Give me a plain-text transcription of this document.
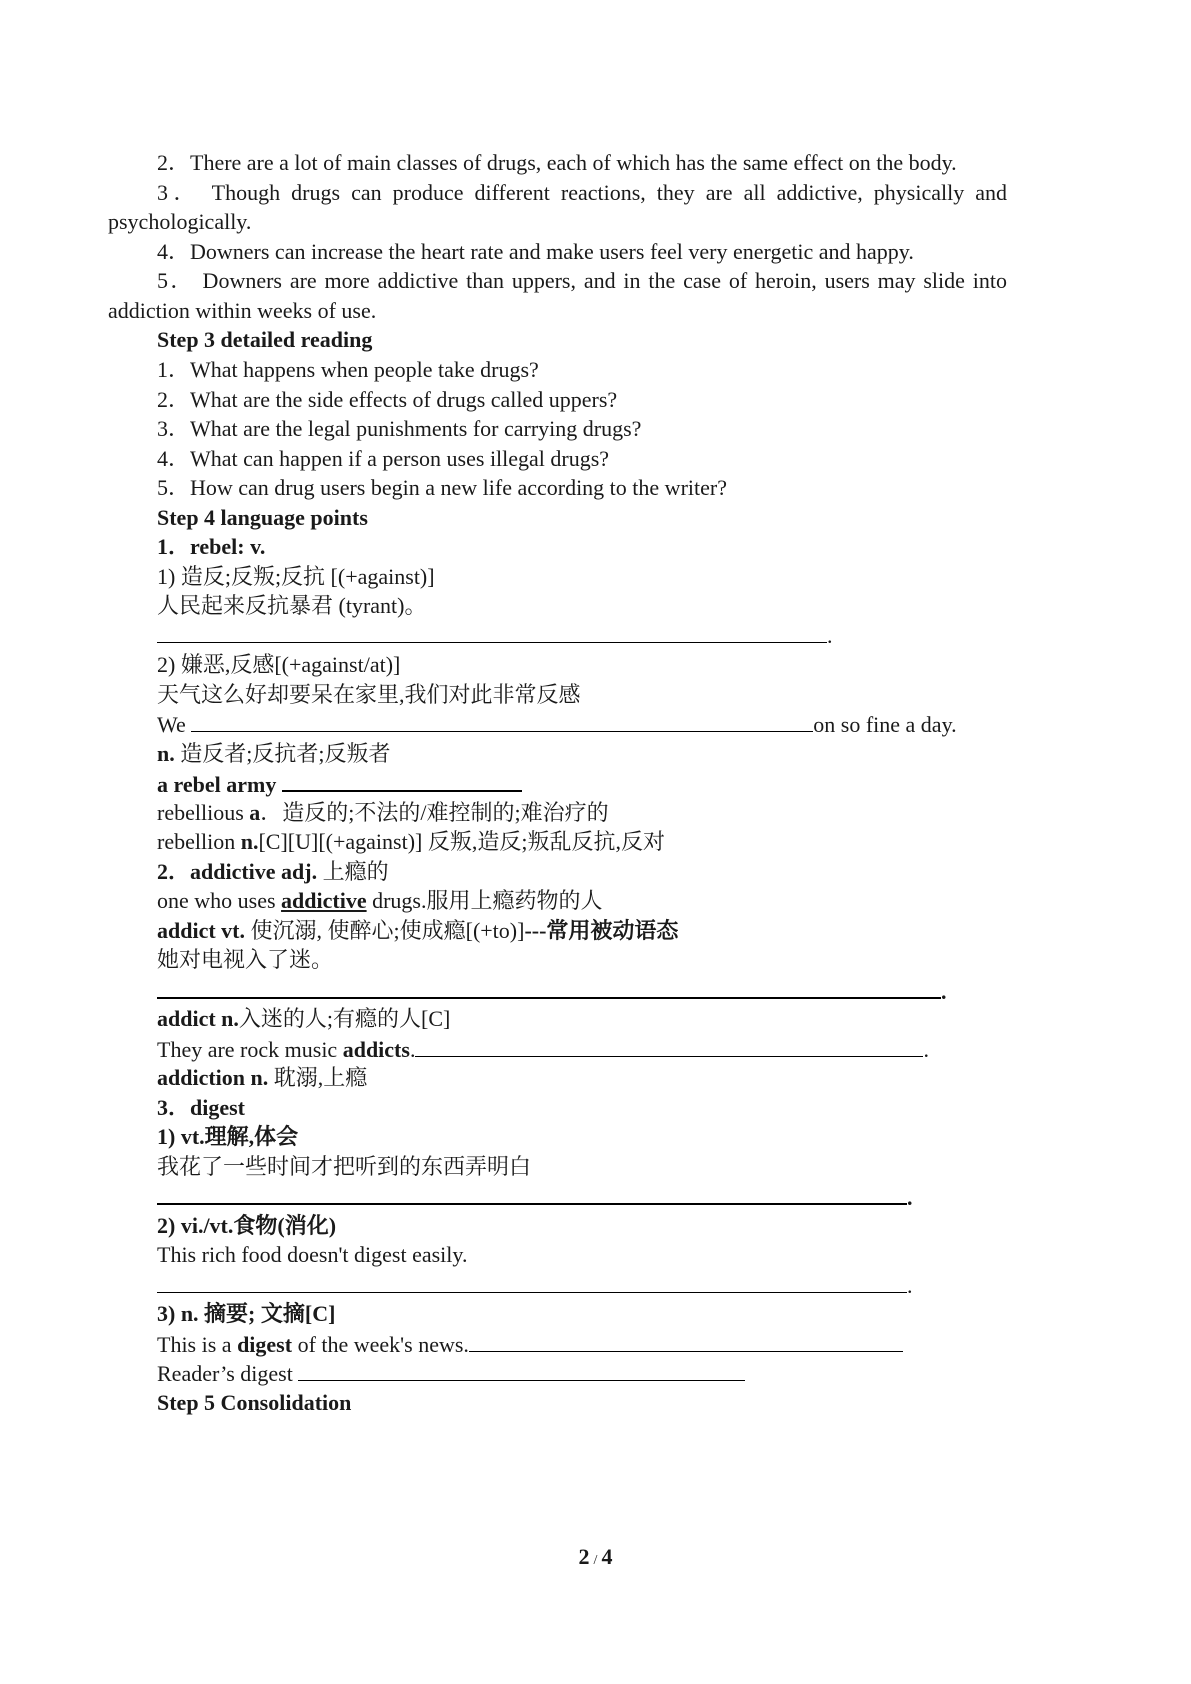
2．There are a lot of main classes of drugs, each of which has the same effect on the body.

3． Though drugs can produce different reactions, they are all addictive, physically and

psychologically.

4．Downers can increase the heart rate and make users feel very energetic and happy.

5． Downers are more addictive than uppers, and in the case of heroin, users may slide into

addiction within weeks of use.

Step 3 detailed reading

1．What happens when people take drugs?

2．What are the side effects of drugs called uppers?

3．What are the legal punishments for carrying drugs?

4．What can happen if a person uses illegal drugs?

5．How can drug users begin a new life according to the writer?

Step 4 language points

1．rebel: v.

1) 造反;反叛;反抗 [(+against)]

人民起来反抗暴君 (tyrant)。

.

2) 嫌恶,反感[(+against/at)]

天气这么好却要呆在家里,我们对此非常反感

We	on so fine a day.

n. 造反者;反抗者;反叛者

a rebel army

rebellious a．造反的;不法的/难控制的;难治疗的

rebellion n.[C][U][(+against)] 反叛,造反;叛乱反抗,反对

2．addictive adj. 上瘾的

one who uses addictive drugs.服用上瘾药物的人

addict vt. 使沉溺, 使醉心;使成瘾[(+to)]---常用被动语态

她对电视入了迷。

.

addict n.入迷的人;有瘾的人[C]

They are rock music addicts.	.

addiction n. 耽溺,上瘾

3．digest

1) vt.理解,体会

我花了一些时间才把听到的东西弄明白

.

2) vi./vt.食物(消化)

This rich food doesn't digest easily.

.

3) n. 摘要; 文摘[C]

This is a digest of the week's news.

Reader’s digest

Step 5 Consolidation

2 / 4
